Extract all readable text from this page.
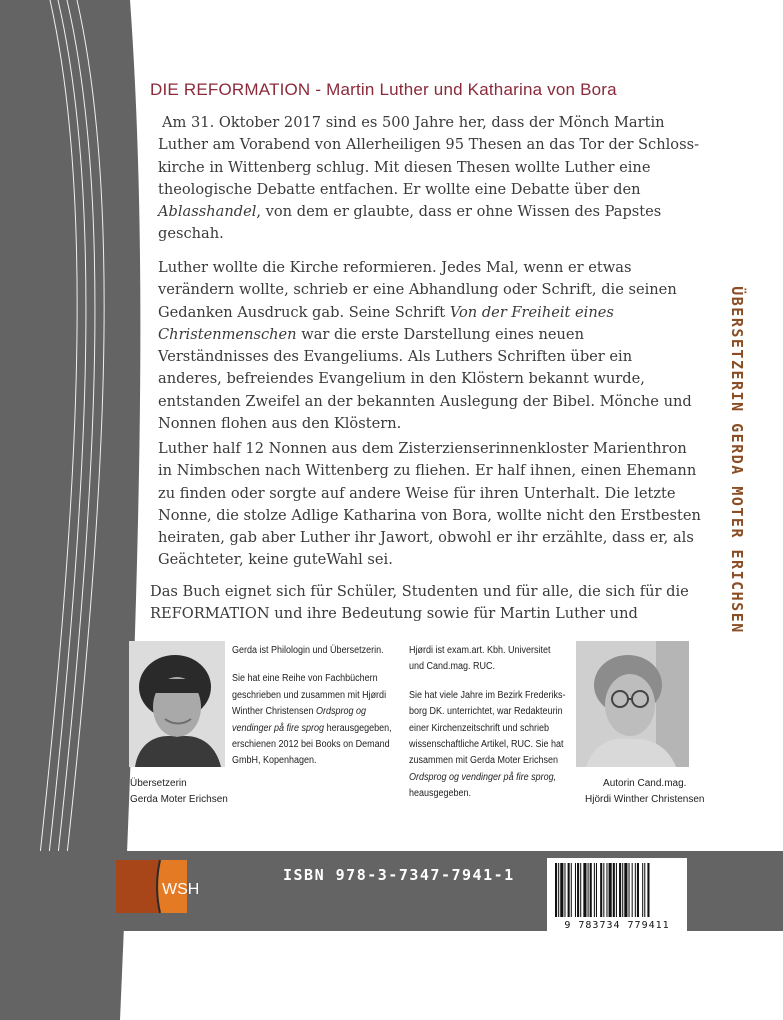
DIE REFORMATION - Martin Luther und Katharina von Bora
Am 31. Oktober 2017 sind es 500 Jahre her, dass der Mönch Martin
Luther am Vorabend von Allerheiligen 95 Thesen an das Tor der Schloss-
kirche in Wittenberg schlug. Mit diesen Thesen wollte Luther eine
theologische Debatte entfachen. Er wollte eine Debatte über den
Ablasshandel, von dem er glaubte, dass er ohne Wissen des Papstes
geschah.
Luther wollte die Kirche reformieren. Jedes Mal, wenn er etwas
verändern wollte, schrieb er eine Abhandlung oder Schrift, die seinen
Gedanken Ausdruck gab. Seine Schrift Von der Freiheit eines
Christenmenschen war die erste Darstellung eines neuen
Verständnisses des Evangeliums. Als Luthers Schriften über ein
anderes, befreiendes Evangelium in den Klöstern bekannt wurde,
entstanden Zweifel an der bekannten Auslegung der Bibel. Mönche und
Nonnen flohen aus den Klöstern.
Luther half 12 Nonnen aus dem Zisterzienserinnenkloster Marienthron
in Nimbschen nach Wittenberg zu fliehen. Er half ihnen, einen Ehemann
zu finden oder sorgte auf andere Weise für ihren Unterhalt. Die letzte
Nonne, die stolze Adlige Katharina von Bora, wollte nicht den Erstbesten
heiraten, gab aber Luther ihr Jawort, obwohl er ihr erzählte, dass er, als
Geächteter, keine guteWahl sei.
Das Buch eignet sich für Schüler, Studenten und für alle, die sich für die
REFORMATION und ihre Bedeutung sowie für Martin Luther und	ÜBERSETZERIN GERDA MOTER ERICHSEN
Gerda ist Philologin und Übersetzerin.
Sie hat eine Reihe von Fachbüchern
geschrieben und zusammen mit Hjørdi
Winther Christensen Ordsprog og
vendinger på fire sprog herausgegeben,
erschienen 2012 bei Books on Demand
GmbH, Kopenhagen.
Hjørdi ist exam.art. Kbh. Universitet
und Cand.mag. RUC.
Sie hat viele Jahre im Bezirk Frederiks-
borg DK. unterrichtet, war Redakteurin
einer Kirchenzeitschrift und schrieb
wissenschaftliche Artikel, RUC. Sie hat
zusammen mit Gerda Moter Erichsen
Ordsprog og vendinger på fire sprog,
heausgegeben.
Übersetzerin
Gerda Moter Erichsen
Autorin Cand.mag.
Hjördi Winther Christensen
WSH
ISBN 978-3-7347-7941-1
9 783734 779411
